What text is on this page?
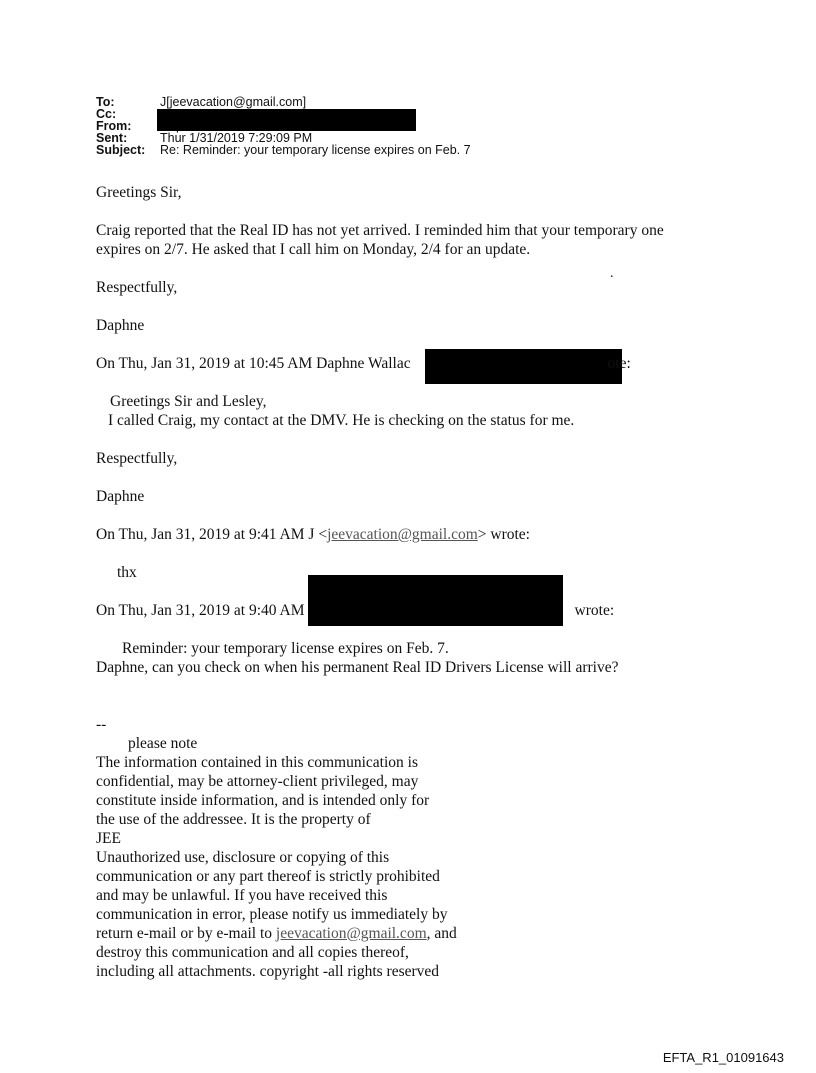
To:	J[jeevacation@gmail.com]
Cc:
From:
Sent:	Thur 1/31/2019 7:29:09 PM
Subject:	Re: Reminder: your temporary license expires on Feb. 7
.

Greetings Sir,

Craig reported that the Real ID has not yet arrived. I reminded him that your temporary one

expires on 2/7. He asked that I call him on Monday, 2/4 for an update.

Respectfully,

Daphne

On Thu, Jan 31, 2019 at 10:45 AM Daphne Wallac	ote:

Greetings Sir and Lesley,

I called Craig, my contact at the DMV. He is checking on the status for me.

Respectfully,

Daphne

On Thu, Jan 31, 2019 at 9:41 AM J <jeevacation@gmail.com> wrote:

thx

On Thu, Jan 31, 2019 at 9:40 AM	wrote:

Reminder: your temporary license expires on Feb. 7.

Daphne, can you check on when his permanent Real ID Drivers License will arrive?

--

please note

The information contained in this communication is

confidential, may be attorney-client privileged, may

constitute inside information, and is intended only for

the use of the addressee. It is the property of

JEE

Unauthorized use, disclosure or copying of this

communication or any part thereof is strictly prohibited

and may be unlawful. If you have received this

communication in error, please notify us immediately by

return e-mail or by e-mail to jeevacation@gmail.com, and

destroy this communication and all copies thereof,

including all attachments. copyright -all rights reserved

EFTA_R1_01091643
